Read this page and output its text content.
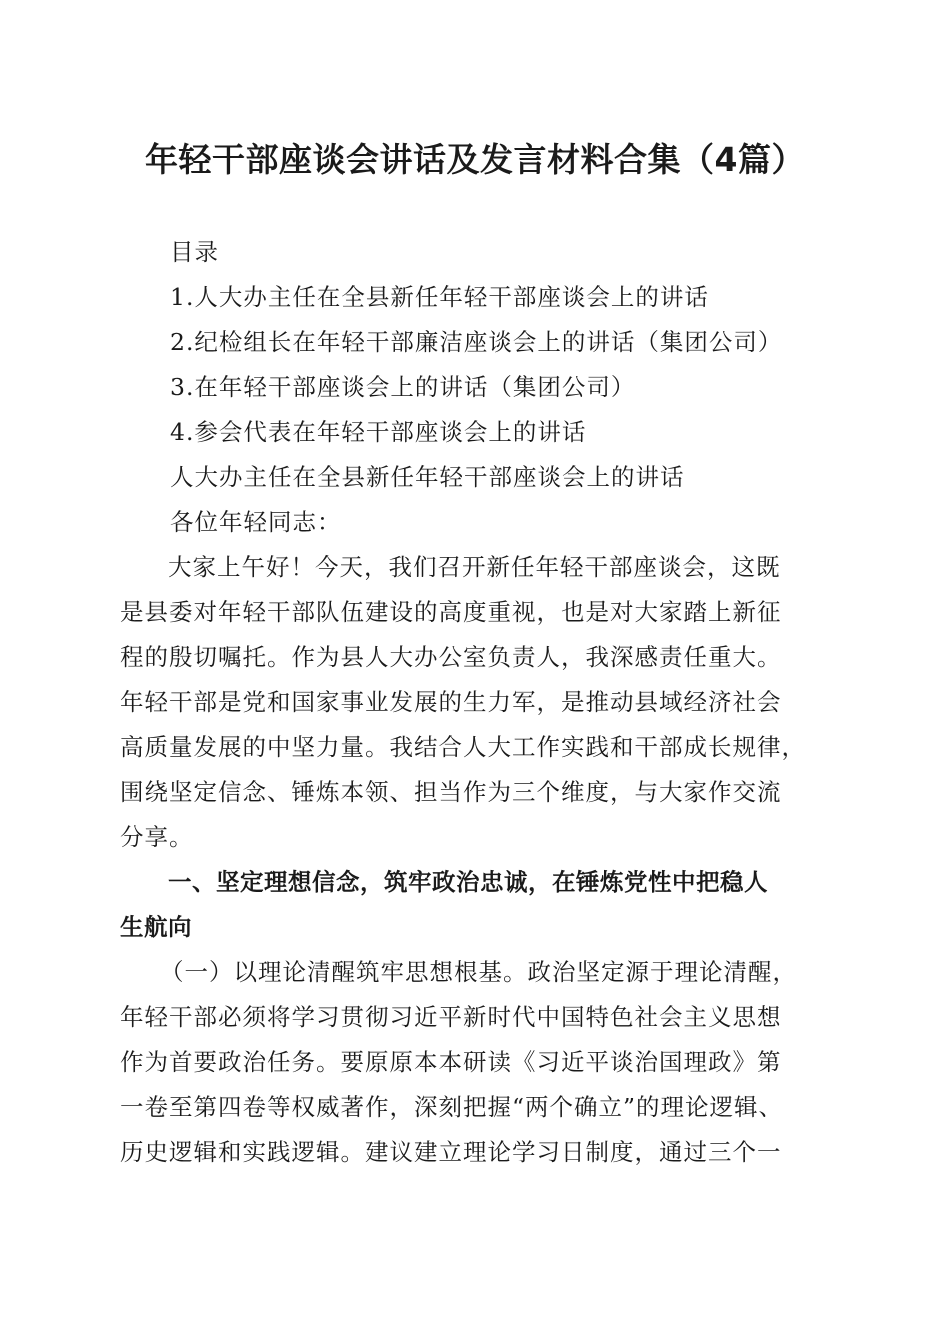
年轻干部座谈会讲话及发言材料合集（4篇）
目录
1.人大办主任在全县新任年轻干部座谈会上的讲话
2.纪检组长在年轻干部廉洁座谈会上的讲话（集团公司）
3.在年轻干部座谈会上的讲话（集团公司）
4.参会代表在年轻干部座谈会上的讲话
人大办主任在全县新任年轻干部座谈会上的讲话
各位年轻同志：
大家上午好！今天，我们召开新任年轻干部座谈会，这既
是县委对年轻干部队伍建设的高度重视，也是对大家踏上新征
程的殷切嘱托。作为县人大办公室负责人，我深感责任重大。
年轻干部是党和国家事业发展的生力军，是推动县域经济社会
高质量发展的中坚力量。我结合人大工作实践和干部成长规律，
围绕坚定信念、锤炼本领、担当作为三个维度，与大家作交流
分享。
一、坚定理想信念，筑牢政治忠诚，在锤炼党性中把稳人
生航向
（一）以理论清醒筑牢思想根基。政治坚定源于理论清醒，
年轻干部必须将学习贯彻习近平新时代中国特色社会主义思想
作为首要政治任务。要原原本本研读《习近平谈治国理政》第
一卷至第四卷等权威著作，深刻把握“两个确立”的理论逻辑、
历史逻辑和实践逻辑。建议建立理论学习日制度，通过三个一
